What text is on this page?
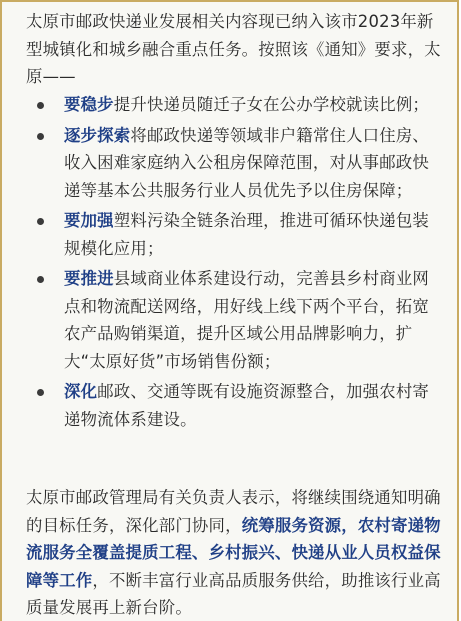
太原市邮政快递业发展相关内容现已纳入该市2023年新型城镇化和城乡融合重点任务。按照该《通知》要求，太原——

要稳步提升快递员随迁子女在公办学校就读比例；
逐步探索将邮政快递等领域非户籍常住人口住房、收入困难家庭纳入公租房保障范围，对从事邮政快递等基本公共服务行业人员优先予以住房保障；
要加强塑料污染全链条治理，推进可循环快递包装规模化应用；
要推进县域商业体系建设行动，完善县乡村商业网点和物流配送网络，用好线上线下两个平台，拓宽农产品购销渠道，提升区域公用品牌影响力，扩大“太原好货”市场销售份额；
深化邮政、交通等既有设施资源整合，加强农村寄递物流体系建设。

太原市邮政管理局有关负责人表示，将继续围绕通知明确的目标任务，深化部门协同，统筹服务资源，农村寄递物流服务全覆盖提质工程、乡村振兴、快递从业人员权益保障等工作，不断丰富行业高品质服务供给，助推该行业高质量发展再上新台阶。
